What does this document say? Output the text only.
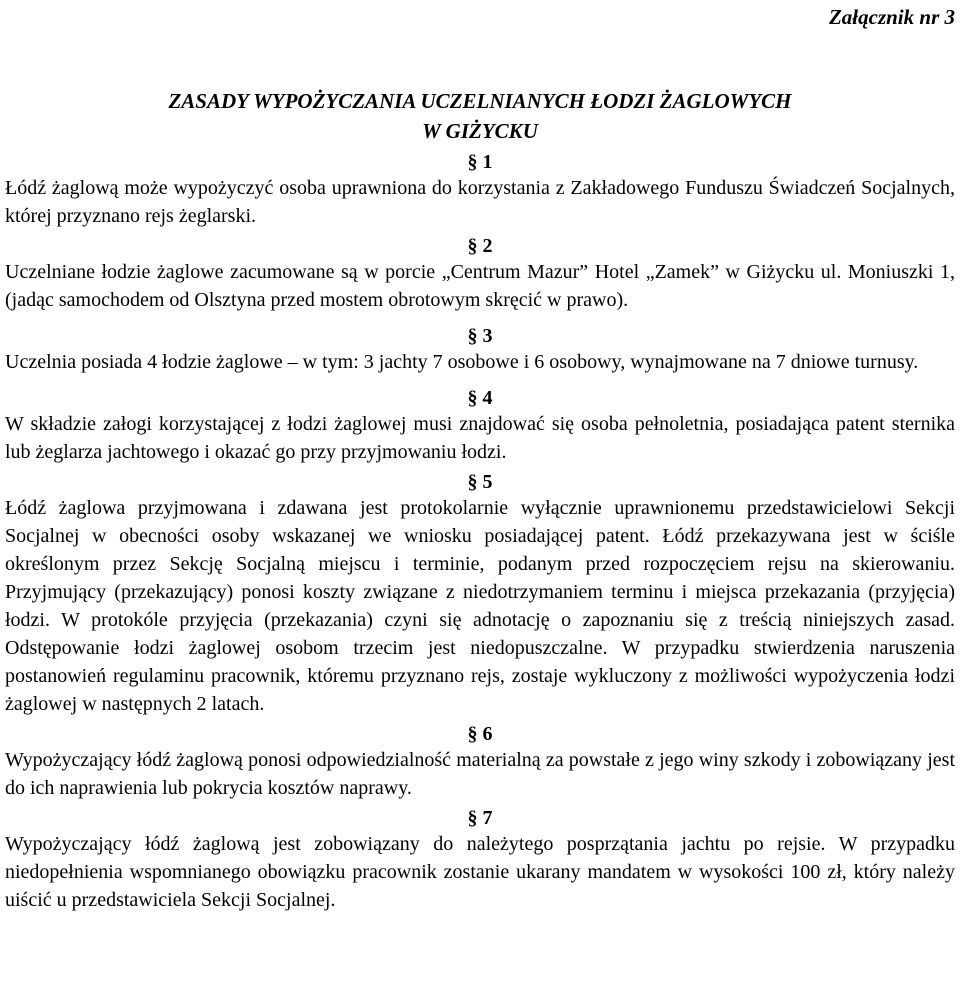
Załącznik nr 3
ZASADY WYPOŻYCZANIA UCZELNIANYCH ŁODZI ŻAGLOWYCH
W GIŻYCKU
§ 1

Łódź żaglową może wypożyczyć osoba uprawniona do korzystania z Zakładowego Funduszu Świadczeń Socjalnych, której przyznano rejs żeglarski.

§ 2

Uczelniane łodzie żaglowe zacumowane są w porcie „Centrum Mazur” Hotel „Zamek” w Giżycku ul. Moniuszki 1, (jadąc samochodem od Olsztyna przed mostem obrotowym skręcić w prawo).

§ 3

Uczelnia posiada 4 łodzie żaglowe – w tym: 3 jachty 7 osobowe i 6 osobowy, wynajmowane na 7 dniowe turnusy.

§ 4

W składzie załogi korzystającej z łodzi żaglowej musi znajdować się osoba pełnoletnia, posiadająca patent sternika lub żeglarza jachtowego i okazać go przy przyjmowaniu łodzi.

§ 5

Łódź żaglowa przyjmowana i zdawana jest protokolarnie wyłącznie uprawnionemu przedstawicielowi Sekcji Socjalnej w obecności osoby wskazanej we wniosku posiadającej patent. Łódź przekazywana jest w ściśle określonym przez Sekcję Socjalną miejscu i terminie, podanym przed rozpoczęciem rejsu na skierowaniu. Przyjmujący (przekazujący) ponosi koszty związane z niedotrzymaniem terminu i miejsca przekazania (przyjęcia) łodzi. W protokóle przyjęcia (przekazania) czyni się adnotację o zapoznaniu się z treścią niniejszych zasad. Odstępowanie łodzi żaglowej osobom trzecim jest niedopuszczalne. W przypadku stwierdzenia naruszenia postanowień regulaminu pracownik, któremu przyznano rejs, zostaje wykluczony z możliwości wypożyczenia łodzi żaglowej w następnych 2 latach.

§ 6

Wypożyczający łódź żaglową ponosi odpowiedzialność materialną za powstałe z jego winy szkody i zobowiązany jest do ich naprawienia lub pokrycia kosztów naprawy.

§ 7

Wypożyczający łódź żaglową jest zobowiązany do należytego posprzątania jachtu po rejsie. W przypadku niedopełnienia wspomnianego obowiązku pracownik zostanie ukarany mandatem w wysokości 100 zł, który należy uiścić u przedstawiciela Sekcji Socjalnej.
